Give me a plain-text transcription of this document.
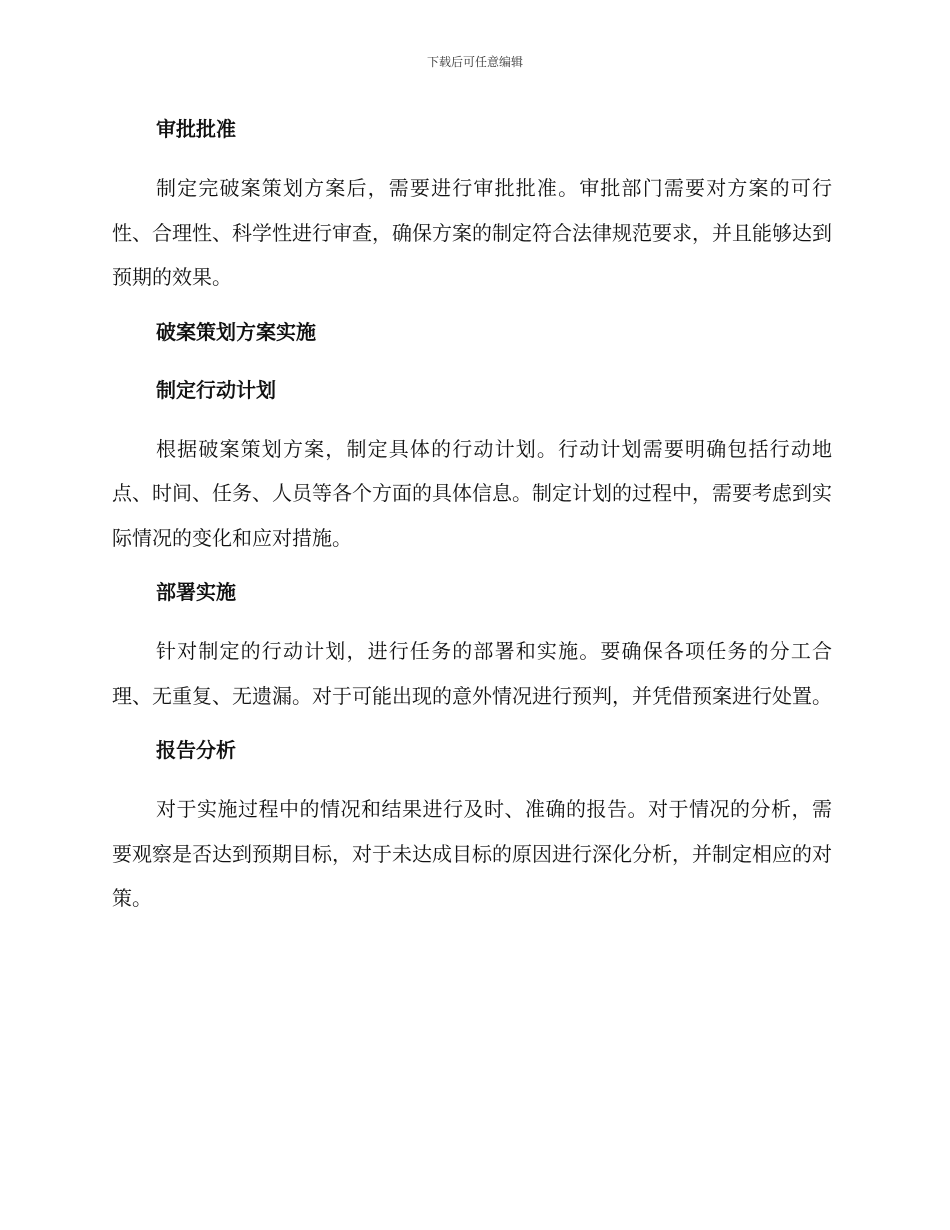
下载后可任意编辑
审批批准

制定完破案策划方案后，需要进行审批批准。审批部门需要对方案的可行性、合理性、科学性进行审查，确保方案的制定符合法律规范要求，并且能够达到预期的效果。

破案策划方案实施
制定行动计划

根据破案策划方案，制定具体的行动计划。行动计划需要明确包括行动地点、时间、任务、人员等各个方面的具体信息。制定计划的过程中，需要考虑到实际情况的变化和应对措施。

部署实施

针对制定的行动计划，进行任务的部署和实施。要确保各项任务的分工合理、无重复、无遗漏。对于可能出现的意外情况进行预判，并凭借预案进行处置。

报告分析

对于实施过程中的情况和结果进行及时、准确的报告。对于情况的分析，需要观察是否达到预期目标，对于未达成目标的原因进行深化分析，并制定相应的对策。
